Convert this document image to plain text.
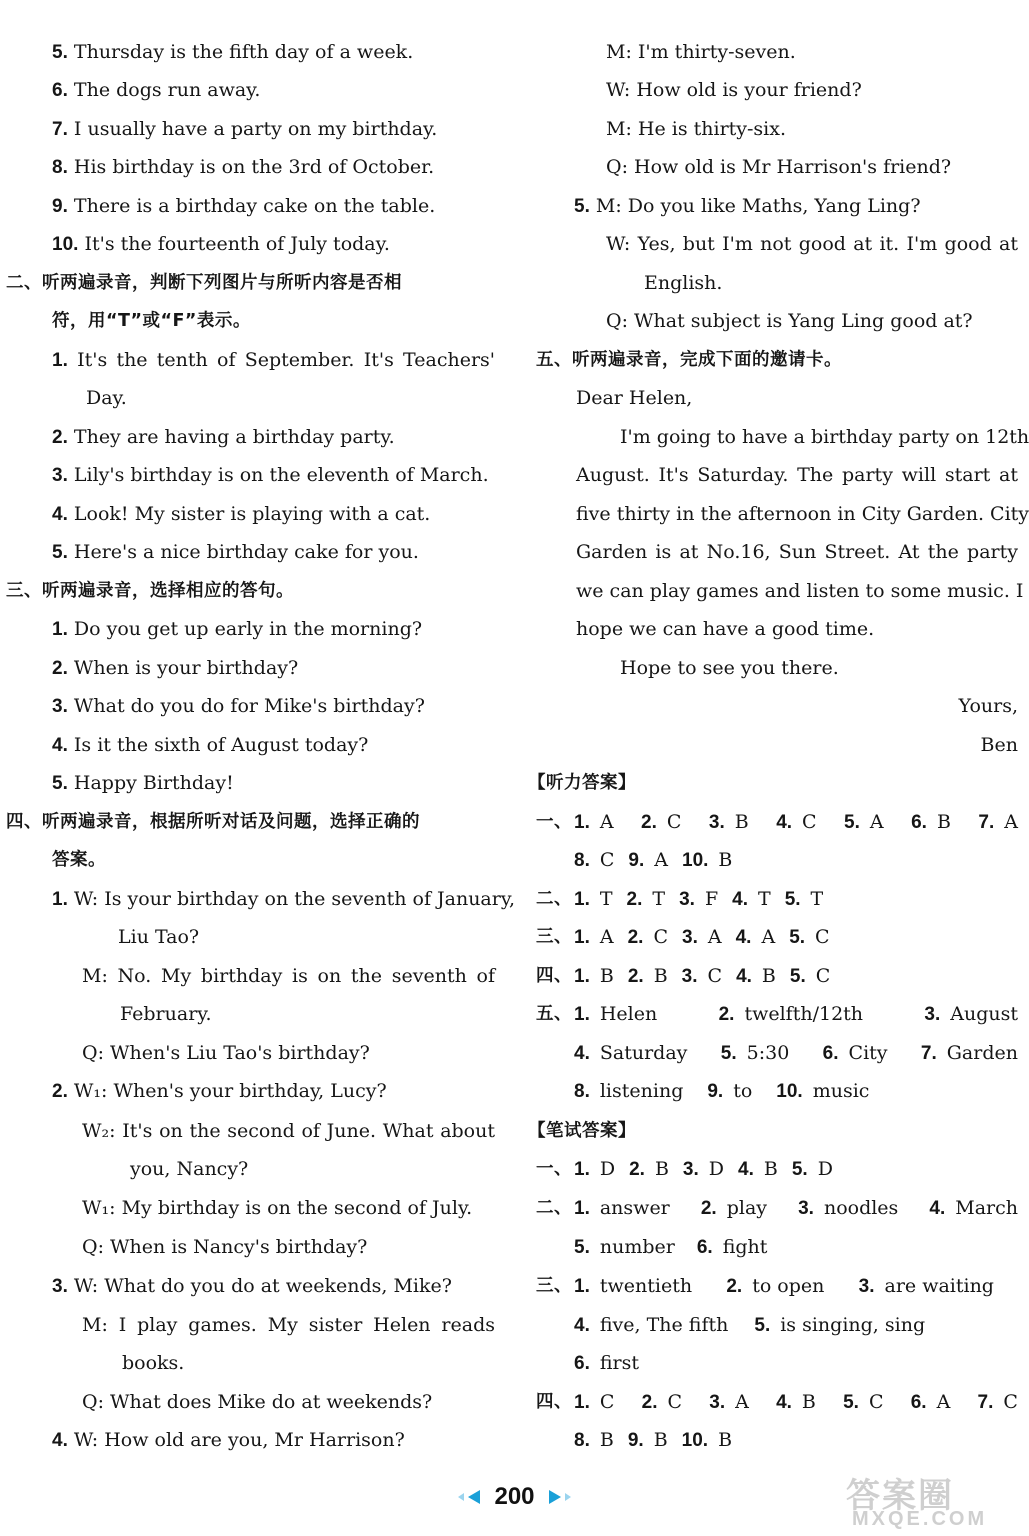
5. Thursday is the fifth day of a week.
6. The dogs run away.
7. I usually have a party on my birthday.
8. His birthday is on the 3rd of October.
9. There is a birthday cake on the table.
10. It's the fourteenth of July today.
二、听两遍录音，判断下列图片与所听内容是否相
符，用“T”或“F”表示。
1. It's the tenth of September. It's Teachers'
Day.
2. They are having a birthday party.
3. Lily's birthday is on the eleventh of March.
4. Look! My sister is playing with a cat.
5. Here's a nice birthday cake for you.
三、听两遍录音，选择相应的答句。
1. Do you get up early in the morning?
2. When is your birthday?
3. What do you do for Mike's birthday?
4. Is it the sixth of August today?
5. Happy Birthday!
四、听两遍录音，根据所听对话及问题，选择正确的
答案。
1. W: Is your birthday on the seventh of January,
Liu Tao?
M: No. My birthday is on the seventh of
February.
Q: When's Liu Tao's birthday?
2. W₁: When's your birthday, Lucy?
W₂: It's on the second of June. What about
you, Nancy?
W₁: My birthday is on the second of July.
Q: When is Nancy's birthday?
3. W: What do you do at weekends, Mike?
M: I play games. My sister Helen reads
books.
Q: What does Mike do at weekends?
4. W: How old are you, Mr Harrison?
M: I'm thirty-seven.
W: How old is your friend?
M: He is thirty-six.
Q: How old is Mr Harrison's friend?
5. M: Do you like Maths, Yang Ling?
W: Yes, but I'm not good at it. I'm good at
English.
Q: What subject is Yang Ling good at?
五、听两遍录音，完成下面的邀请卡。
Dear Helen,
I'm going to have a birthday party on 12th
August. It's Saturday. The party will start at
five thirty in the afternoon in City Garden. City
Garden is at No.16, Sun Street. At the party
we can play games and listen to some music. I
hope we can have a good time.
Hope to see you there.
Yours,
Ben
【听力答案】
一、 1. A 2. C 3. B 4. C 5. A 6. B 7. A
8. C 9. A 10. B
二、 1. T 2. T 3. F 4. T 5. T
三、 1. A 2. C 3. A 4. A 5. C
四、 1. B 2. B 3. C 4. B 5. C
五、 1. Helen	2. twelfth/12th	3. August
4. Saturday 5. 5:30 6. City 7. Garden
8. listening 9. to 10. music
【笔试答案】
一、 1. D 2. B 3. D 4. B 5. D
二、 1. answer 2. play 3. noodles 4. March
5. number 6. fight
三、 1. twentieth 2. to open 3. are waiting
4. five, The fifth 5. is singing, sing
6. first
四、 1. C 2. C 3. A 4. B 5. C 6. A 7. C
8. B 9. B 10. B
200	答案圈
MXQE.COM
